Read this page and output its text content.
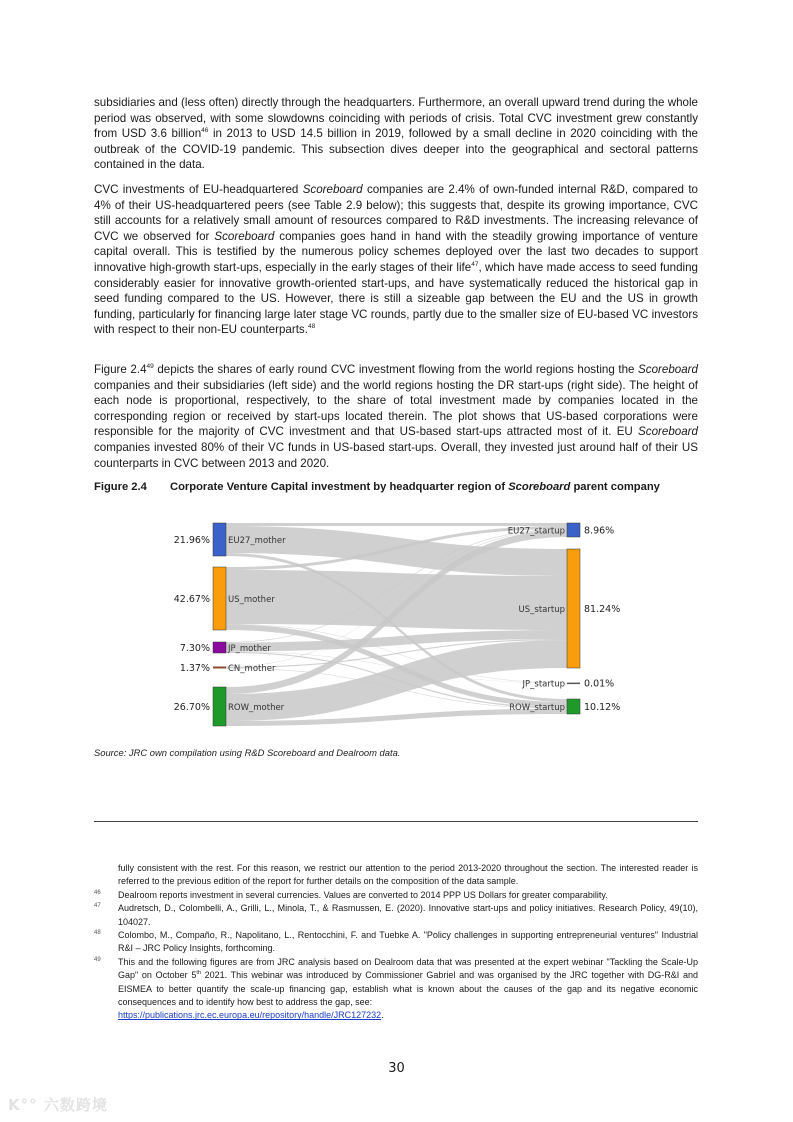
subsidiaries and (less often) directly through the headquarters. Furthermore, an overall upward trend during the whole period was observed, with some slowdowns coinciding with periods of crisis. Total CVC investment grew constantly from USD 3.6 billion$^{46}$ in 2013 to USD 14.5 billion in 2019, followed by a small decline in 2020 coinciding with the outbreak of the COVID-19 pandemic. This subsection dives deeper into the geographical and sectoral patterns contained in the data.

CVC investments of EU-headquartered Scoreboard companies are 2.4% of own-funded internal R&D, compared to 4% of their US-headquartered peers (see Table 2.9 below); this suggests that, despite its growing importance, CVC still accounts for a relatively small amount of resources compared to R&D investments. The increasing relevance of CVC we observed for Scoreboard companies goes hand in hand with the steadily growing importance of venture capital overall. This is testified by the numerous policy schemes deployed over the last two decades to support innovative high-growth start-ups, especially in the early stages of their life$^{47}$, which have made access to seed funding considerably easier for innovative growth-oriented start-ups, and have systematically reduced the historical gap in seed funding compared to the US. However, there is still a sizeable gap between the EU and the US in growth funding, particularly for financing large later stage VC rounds, partly due to the smaller size of EU-based VC investors with respect to their non-EU counterparts.$^{48}$

Figure $2.4^{49}$ depicts the shares of early round CVC investment flowing from the world regions hosting the Scoreboard companies and their subsidiaries (left side) and the world regions hosting the DR start-ups (right side). The height of each node is proportional, respectively, to the share of total investment made by companies located in the corresponding region or received by start-ups located therein. The plot shows that US-based corporations were responsible for the majority of CVC investment and that US-based start-ups attracted most of it. EU Scoreboard companies invested 80% of their VC funds in US-based start-ups. Overall, they invested just around half of their US counterparts in CVC between 2013 and 2020.

Figure 2.4 Corporate Venture Capital investment by headquarter region of Scoreboard parent company
EU27_mother
21.96%
US_mother
42.67%
JP_mother
7.30%
CN_mother
1.37%
ROW_mother
26.70%
EU27_startup 8.96%
US_startup 81.24%
JP_startup 0.01%
ROW_startup 10.12%
Source: JRC own compilation using R&D Scoreboard and Dealroom data.
fully consistent with the rest. For this reason, we restrict our attention to the period 2013-2020 throughout the section. The interested reader is referred to the previous edition of the report for further details on the composition of the data sample.
46 Dealroom reports investment in several currencies. Values are converted to 2014 PPP US Dollars for greater comparability.
47 Audretsch, D., Colombelli, A., Grilli, L., Minola, T., & Rasmussen, E. (2020). Innovative start-ups and policy initiatives. Research Policy, 49(10), 104027.
48 Colombo, M., Compaño, R., Napolitano, L., Rentocchini, F. and Tuebke A. "Policy challenges in supporting entrepreneurial ventures" Industrial R&I – JRC Policy Insights, forthcoming.
49 This and the following figures are from JRC analysis based on Dealroom data that was presented at the expert webinar "Tackling the Scale-Up Gap" on October 5th 2021. This webinar was introduced by Commissioner Gabriel and was organised by the JRC together with DG-R&I and EISMEA to better quantify the scale-up financing gap, establish what is known about the causes of the gap and its negative economic consequences and to identify how best to address the gap, see:
https://publications.jrc.ec.europa.eu/repository/handle/JRC127232.
30
K°° 六数跨境
